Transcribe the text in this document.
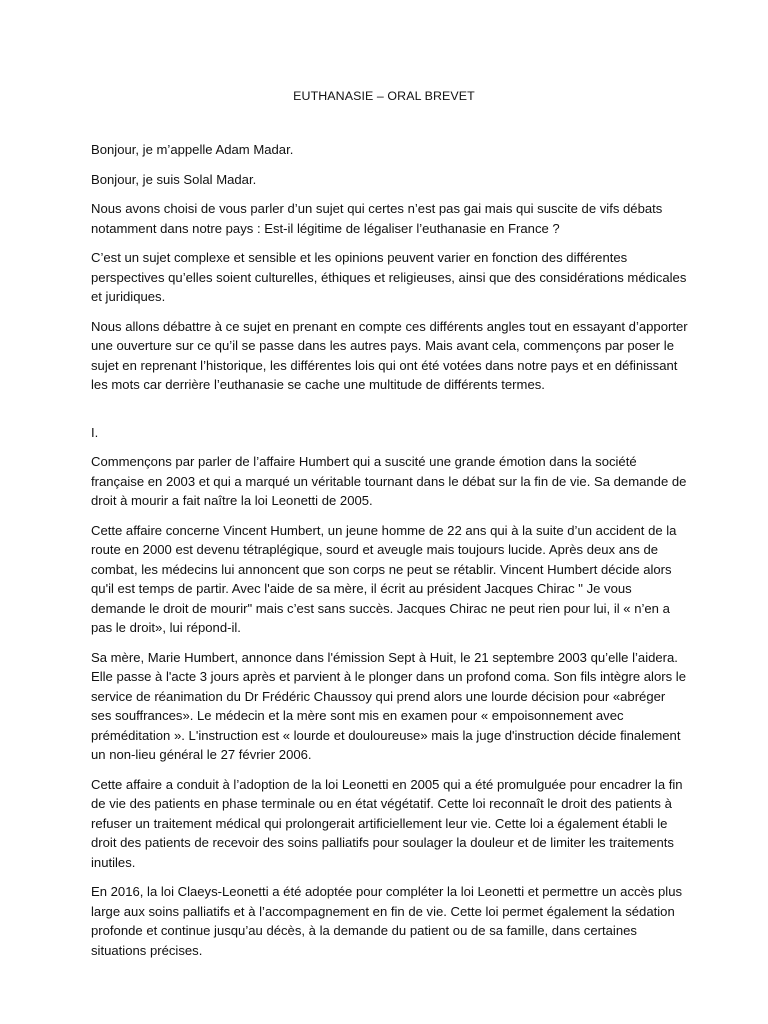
EUTHANASIE – ORAL BREVET

Bonjour, je m’appelle Adam Madar.

Bonjour, je suis Solal Madar.

Nous avons choisi de vous parler d’un sujet qui certes n’est pas gai mais qui suscite de vifs débats notamment dans notre pays : Est-il légitime de légaliser l’euthanasie en France ?

C’est un sujet complexe et sensible et les opinions peuvent varier en fonction des différentes perspectives qu’elles soient culturelles, éthiques et religieuses, ainsi que des considérations médicales et juridiques.

Nous allons débattre à ce sujet en prenant en compte ces différents angles tout en essayant d’apporter une ouverture sur ce qu’il se passe dans les autres pays. Mais avant cela, commençons par poser le sujet en reprenant l’historique, les différentes lois qui ont été votées dans notre pays et en définissant les mots car derrière l’euthanasie se cache une multitude de différents termes.

I.

Commençons par parler de l’affaire Humbert qui a suscité une grande émotion dans la société française en 2003 et qui a marqué un véritable tournant dans le débat sur la fin de vie. Sa demande de droit à mourir a fait naître la loi Leonetti de 2005.

Cette affaire concerne Vincent Humbert, un jeune homme de 22 ans qui à la suite d’un accident de la route en 2000 est devenu tétraplégique, sourd et aveugle mais toujours lucide. Après deux ans de combat, les médecins lui annoncent que son corps ne peut se rétablir. Vincent Humbert décide alors qu'il est temps de partir. Avec l'aide de sa mère, il écrit au président Jacques Chirac " Je vous demande le droit de mourir" mais c’est sans succès. Jacques Chirac ne peut rien pour lui, il « n’en a pas le droit», lui répond-il.

Sa mère, Marie Humbert, annonce dans l'émission Sept à Huit, le 21 septembre 2003 qu’elle l’aidera. Elle passe à l'acte 3 jours après et parvient à le plonger dans un profond coma. Son fils intègre alors le service de réanimation du Dr Frédéric Chaussoy qui prend alors une lourde décision pour «abréger ses souffrances». Le médecin et la mère sont mis en examen pour « empoisonnement avec préméditation ». L'instruction est « lourde et douloureuse» mais la juge d'instruction décide finalement un non-lieu général le 27 février 2006.

Cette affaire a conduit à l’adoption de la loi Leonetti en 2005 qui a été promulguée pour encadrer la fin de vie des patients en phase terminale ou en état végétatif. Cette loi reconnaît le droit des patients à refuser un traitement médical qui prolongerait artificiellement leur vie. Cette loi a également établi le droit des patients de recevoir des soins palliatifs pour soulager la douleur et de limiter les traitements inutiles.

En 2016, la loi Claeys-Leonetti a été adoptée pour compléter la loi Leonetti et permettre un accès plus large aux soins palliatifs et à l’accompagnement en fin de vie. Cette loi permet également la sédation profonde et continue jusqu’au décès, à la demande du patient ou de sa famille, dans certaines situations précises.
